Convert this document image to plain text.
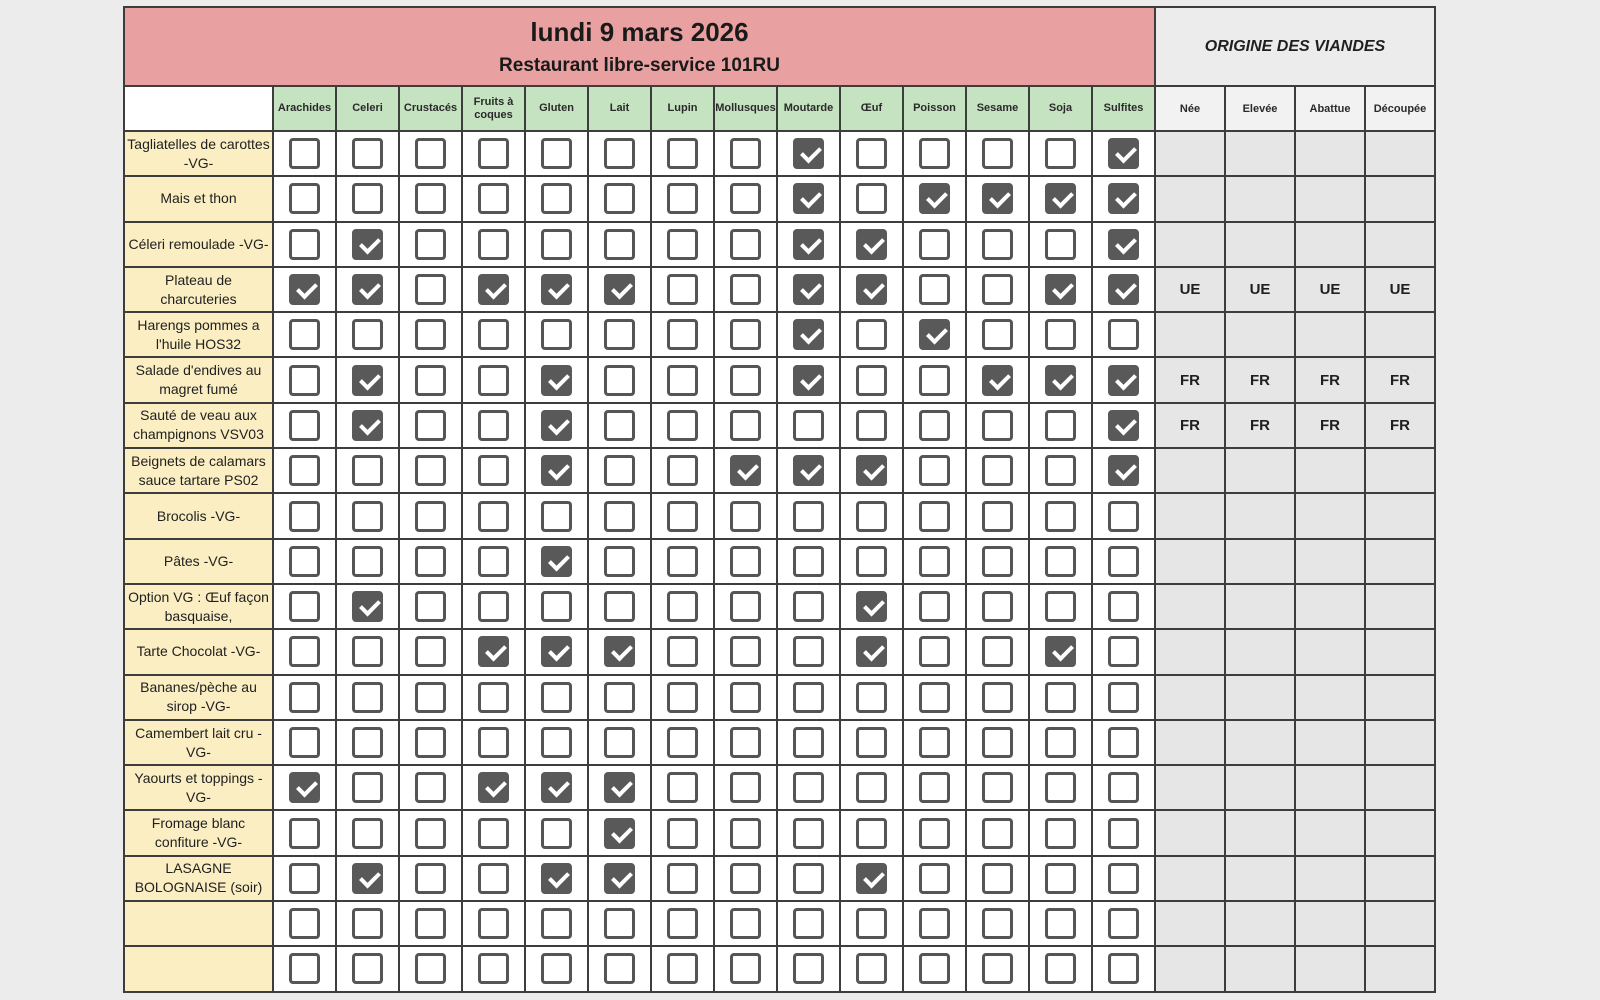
lundi 9 mars 2026
Restaurant libre-service 101RU															ORIGINE DES VIANDES			
	Arachides	Celeri	Crustacés	Fruits à coques	Gluten	Lait	Lupin	Mollusques	Moutarde	Œuf	Poisson	Sesame	Soja	Sulfites	Née	Elevée	Abattue	Découpée
Tagliatelles de carottes -VG-																		
Mais et thon																		
Céleri remoulade -VG-																		
Plateau de charcuteries															UE	UE	UE	UE
Harengs pommes a l'huile HOS32																		
Salade d'endives au magret fumé															FR	FR	FR	FR
Sauté de veau aux champignons VSV03															FR	FR	FR	FR
Beignets de calamars sauce tartare PS02																		
Brocolis -VG-																		
Pâtes -VG-																		
Option VG : Œuf façon basquaise,																		
Tarte Chocolat -VG-																		
Bananes/pèche au sirop -VG-																		
Camembert lait cru -VG-																		
Yaourts et toppings -VG-																		
Fromage blanc confiture -VG-																		
LASAGNE BOLOGNAISE (soir)																		
